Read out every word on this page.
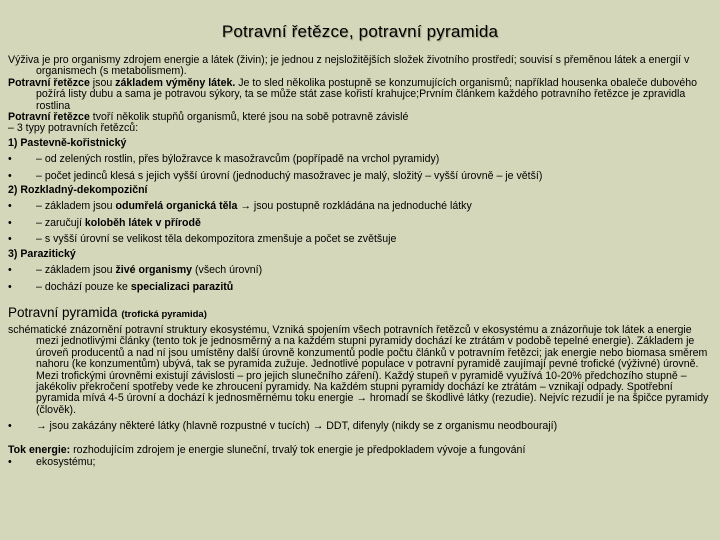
Potravní řetězce, potravní pyramida

Výživa je pro organismy zdrojem energie a látek (živin); je jednou z nejsložitějších složek životního prostředí; souvisí s přeměnou látek a energií v organismech (s metabolismem).

Potravní řetězce jsou základem výměny látek. Je to sled několika postupně se konzumujících organismů; například housenka obaleče dubového požírá listy dubu a sama je potravou sýkory, ta se může stát zase kořistí krahujce;Prvním článkem každého potravního řetězce je zpravidla rostlina

Potravní řetězce tvoří několik stupňů organismů, které jsou na sobě potravně závislé

– 3 typy potravních řetězců:

1) Pastevně-kořistnický

•	– od zelených rostlin, přes býložravce k masožravcům (popřípadě na vrchol pyramidy)
•	– počet jedinců klesá s jejich vyšší úrovní (jednoduchý masožravec je malý, složitý – vyšší úrovně – je větší)

2) Rozkladný-dekompoziční

•	– základem jsou odumřelá organická těla → jsou postupně rozkládána na jednoduché látky
•	– zaručují koloběh látek v přírodě
•	– s vyšší úrovní se velikost těla dekompozitora zmenšuje a počet se zvětšuje

3) Parazitický

•	– základem jsou živé organismy (všech úrovní)
•	– dochází pouze ke specializaci parazitů

Potravní pyramida (trofická pyramida)

schématické znázornění potravní struktury ekosystému, Vzniká spojením všech potravních řetězců v ekosystému a znázorňuje tok látek a energie mezi jednotlivými články (tento tok je jednosměrný a na každém stupni pyramidy dochází ke ztrátám v podobě tepelné energie). Základem je úroveň producentů a nad ní jsou umístěny další úrovně konzumentů podle počtu článků v potravním řetězci; jak energie nebo biomasa směrem nahoru (ke konzumentům) ubývá, tak se pyramida zužuje. Jednotlivé populace v potravní pyramidě zaujímají pevné trofické (výživné) úrovně. Mezi trofickými úrovněmi existují závislosti – pro jejich slunečního záření). Každý stupeň v pyramidě využívá 10-20% předchozího stupně – jakékoliv překročení spotřeby vede ke zhroucení pyramidy. Na každém stupni pyramidy dochází ke ztrátám – vznikají odpady. Spotřební pyramida mívá 4-5 úrovní a dochází k jednosměrnému toku energie → hromadí se škodlivé látky (rezudie). Nejvíc rezudií je na špičce pyramidy (člověk).

•	→ jsou zakázány některé látky (hlavně rozpustné v tucích) → DDT, difenyly (nikdy se z organismu neodbourají)

Tok energie: rozhodujícím zdrojem je energie sluneční, trvalý tok energie je předpokladem vývoje a fungování

•	ekosystému;
